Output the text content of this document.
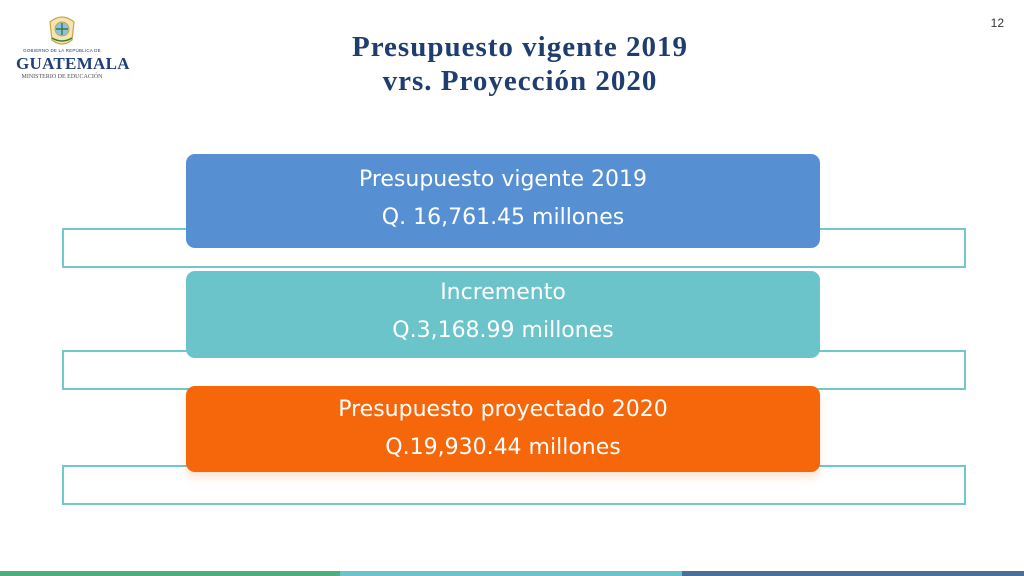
GOBIERNO DE LA REPÚBLICA DE
GUATEMALA
MINISTERIO DE EDUCACIÓN
12
Presupuesto vigente 2019
vrs. Proyección 2020
Presupuesto vigente 2019
Q. 16,761.45 millones
Incremento
Q.3,168.99 millones
Presupuesto proyectado 2020
Q.19,930.44 millones
